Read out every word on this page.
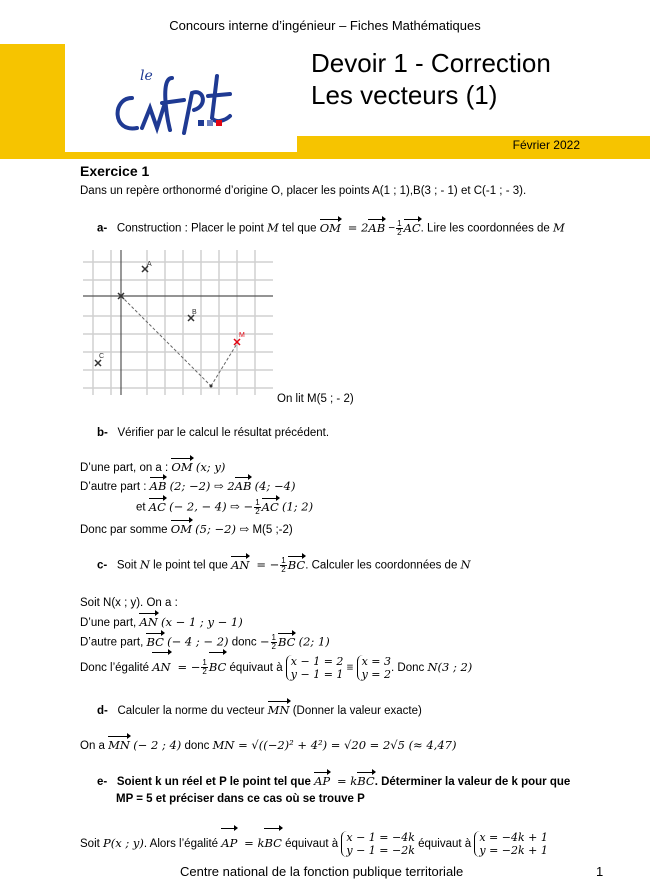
Concours interne d’ingénieur – Fiches Mathématiques
le	Devoir 1 - Correction
Les vecteurs (1)
Février 2022
Exercice 1
Dans un repère orthonormé d’origine O, placer les points A(1 ; 1),B(3 ; - 1) et C(-1 ; - 3).
a- Construction : Placer le point M tel que OM  = $2AB - \frac{1}{2}$ AC. Lire les coordonnées de M
A
B
C
M
On lit M(5 ; - 2)
b- Vérifier par le calcul le résultat précédent.
D’une part, on a : OM (x; y)
D’autre part : AB (2; −2) ⇨ 2AB (4; −4)
et AC (− 2, − 4) ⇨ − $\frac{1}{2}$ AC (1; 2)
Donc par somme OM (5; −2) ⇨ M(5 ;-2)
c- Soit N le point tel que AN  = − $\frac{1}{2}$ BC. Calculer les coordonnées de N
Soit N(x ; y). On a :
D’une part, AN (x − 1 ; y − 1)
D’autre part, BC (− 4 ; − 2) donc − $\frac{1}{2}$ BC (2; 1)
Donc l’égalité AN  = − $\frac{1}{2}$ BC équivaut à x − 1 = 2
y − 1 = 1 ≡ x = 3
y = 2. Donc N(3 ; 2)
d- Calculer la norme du vecteur MN (Donner la valeur exacte)
On a MN (− 2 ; 4) donc MN = √((−2)² + 4²) = √20 = 2√5 (≈ 4,47)
e- Soient k un réel et P le point tel que AP  = kBC. Déterminer la valeur de k pour que
MP = 5 et préciser dans ce cas où se trouve P
Soit P(x ; y). Alors l’égalité AP  = kBC équivaut à x − 1 = −4k
y − 1 = −2k équivaut à x = −4k + 1
y = −2k + 1
Centre national de la fonction publique territoriale	1
